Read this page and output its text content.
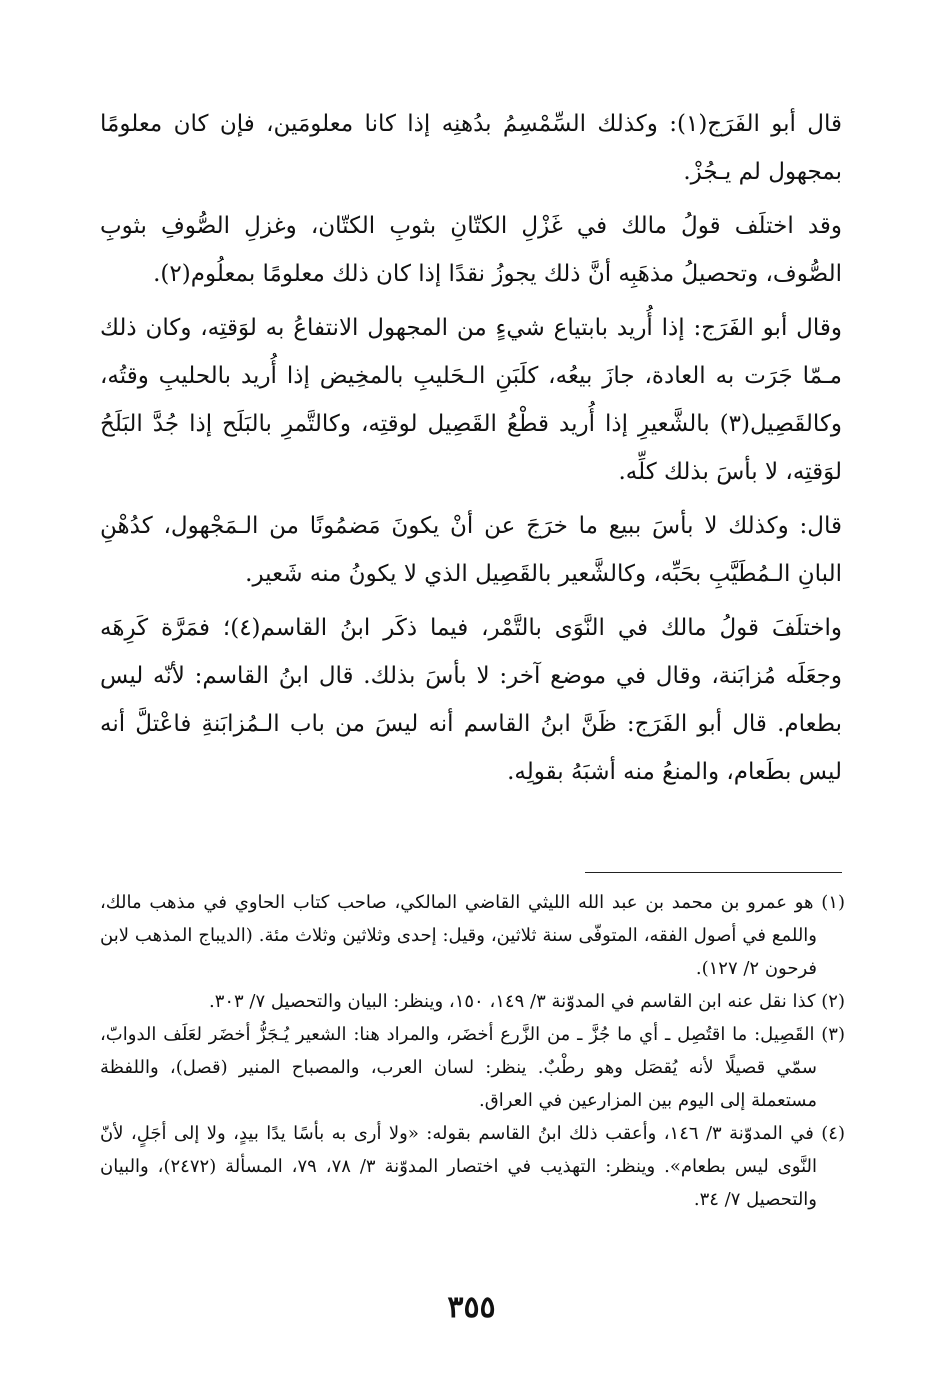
قال أبو الفَرَج(١): وكذلك السِّمْسِمُ بدُهنِه إذا كانا معلومَين، فإن كان معلومًا بمجهول لم يـجُزْ.

وقد اختلَف قولُ مالك في غَزْلِ الكتّانِ بثوبِ الكتّان، وغزلِ الصُّوفِ بثوبِ الصُّوف، وتحصيلُ مذهَبِه أنَّ ذلك يجوزُ نقدًا إذا كان ذلك معلومًا بمعلُوم(٢).

وقال أبو الفَرَج: إذا أُريد بابتياع شيءٍ من المجهول الانتفاعُ به لوَقتِه، وكان ذلك مـمّا جَرَت به العادة، جازَ بيعُه، كلَبَنِ الـحَليبِ بالمخِيض إذا أُريد بالحليبِ وقتُه، وكالقَصِيل(٣) بالشَّعيرِ إذا أُريد قطْعُ القَصِيل لوقتِه، وكالتَّمرِ بالبَلَح إذا جُدَّ البَلَحُ لوَقتِه، لا بأسَ بذلك كلِّه.

قال: وكذلك لا بأسَ ببيع ما خرَجَ عن أنْ يكونَ مَضمُونًا من الـمَجْهول، كدُهْنِ البانِ الـمُطَيَّبِ بحَبِّه، وكالشَّعير بالقَصِيل الذي لا يكونُ منه شَعير.

واختلَفَ قولُ مالك في النَّوَى بالتَّمْر، فيما ذكَر ابنُ القاسم(٤)؛ فمَرَّة كَرِهَه وجعَلَه مُزابَنة، وقال في موضع آخر: لا بأسَ بذلك. قال ابنُ القاسم: لأنّه ليس بطعام. قال أبو الفَرَج: ظَنَّ ابنُ القاسم أنه ليسَ من باب الـمُزابَنةِ فاعْتلَّ أنه ليس بطَعام، والمنعُ منه أشبَهُ بقولِه.

(١) هو عمرو بن محمد بن عبد الله الليثي القاضي المالكي، صاحب كتاب الحاوي في مذهب مالك، واللمع في أصول الفقه، المتوفّى سنة ثلاثين، وقيل: إحدى وثلاثين وثلاث مئة. (الديباج المذهب لابن فرحون ٢/ ١٢٧).

(٢) كذا نقل عنه ابن القاسم في المدوّنة ٣/ ١٤٩، ١٥٠، وينظر: البيان والتحصيل ٧/ ٣٠٣.

(٣) القَصِيل: ما اقتُصِل ـ أي ما جُزَّ ـ من الزَّرع أخضَر، والمراد هنا: الشعير يُـجَزُّ أخضَر لعَلَف الدوابّ، سمّي قصيلًا لأنه يُقصَل وهو رطْبٌ. ينظر: لسان العرب، والمصباح المنير (قصل)، واللفظة مستعملة إلى اليوم بين المزارعين في العراق.

(٤) في المدوّنة ٣/ ١٤٦، وأعقب ذلك ابنُ القاسم بقوله: «ولا أرى به بأسًا يدًا بيدٍ، ولا إلى أجَلٍ، لأنّ النَّوى ليس بطعام». وينظر: التهذيب في اختصار المدوّنة ٣/ ٧٨، ٧٩، المسألة (٢٤٧٢)، والبيان والتحصيل ٧/ ٣٤.

٣٥٥
